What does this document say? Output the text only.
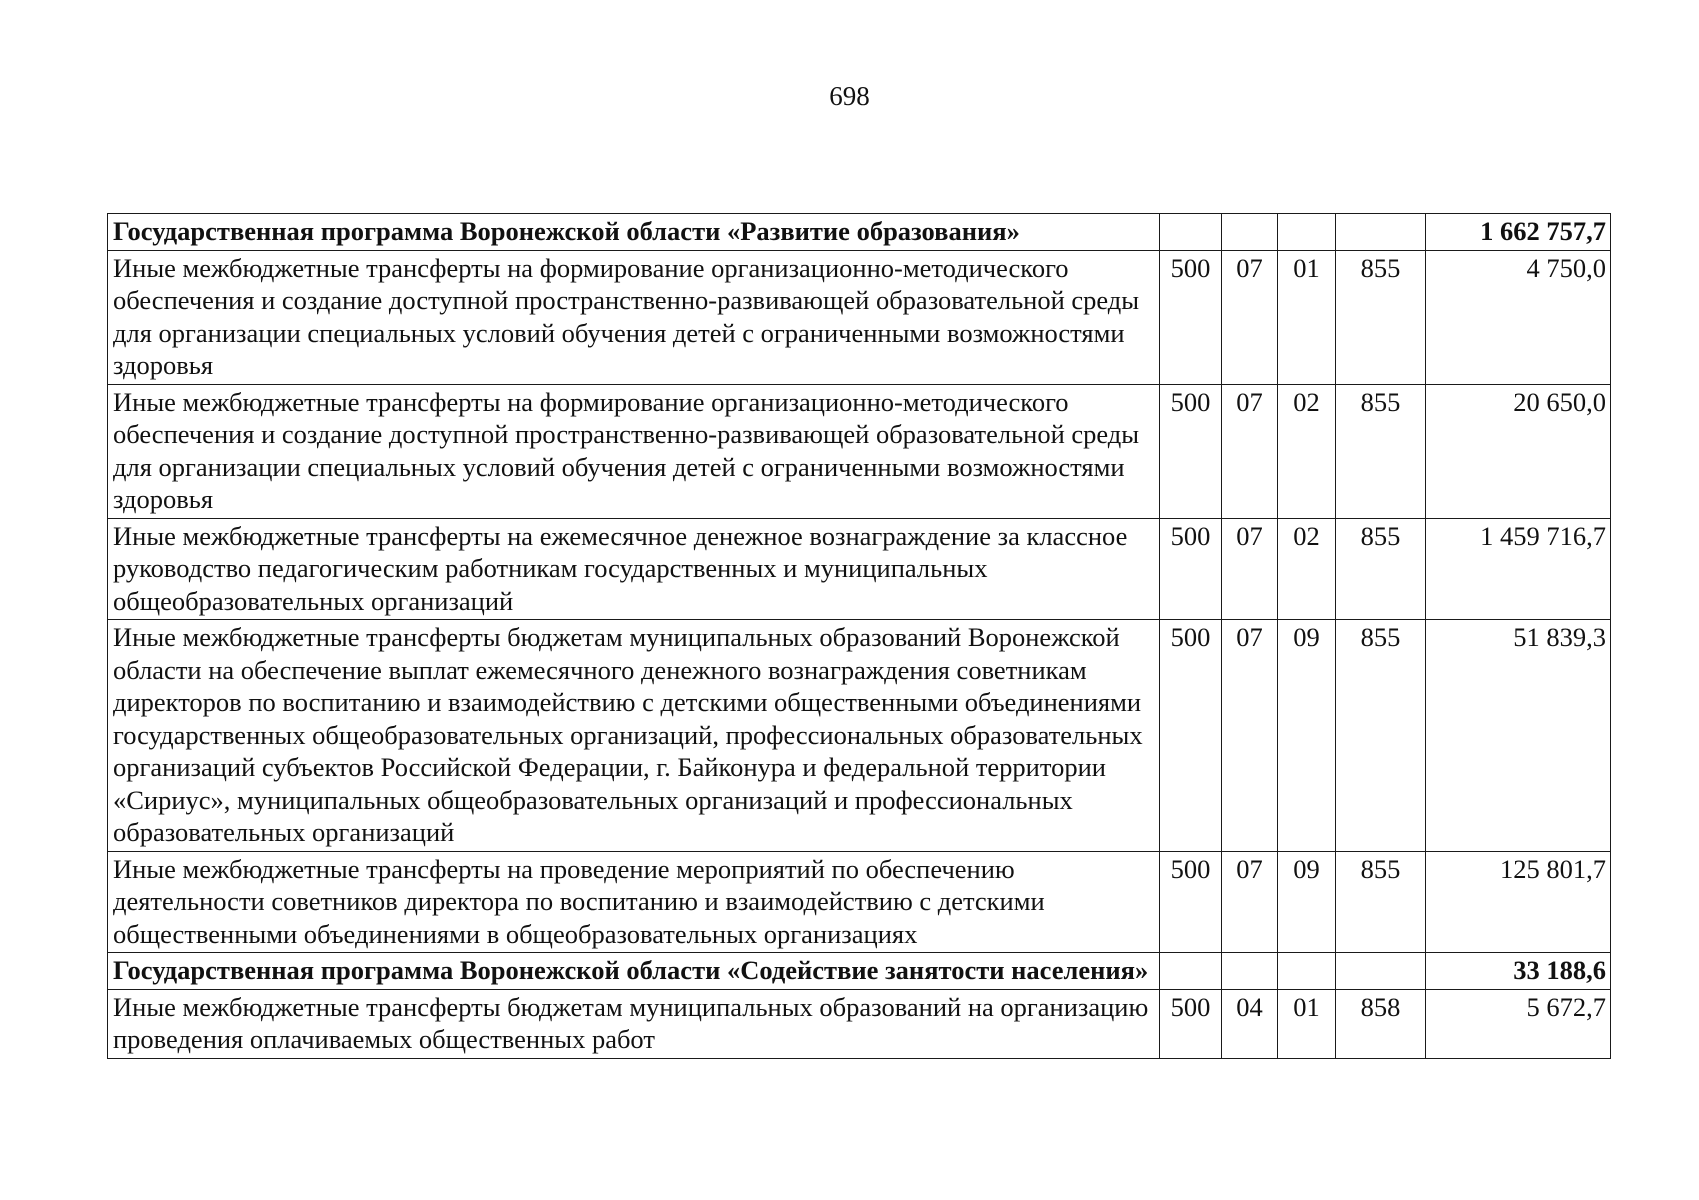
698
Государственная программа Воронежской области «Развитие образования»					1 662 757,7
Иные межбюджетные трансферты на формирование организационно-методического обеспечения и создание доступной пространственно-развивающей образовательной среды для организации специальных условий обучения детей с ограниченными возможностями здоровья	500	07	01	855	4 750,0
Иные межбюджетные трансферты на формирование организационно-методического обеспечения и создание доступной пространственно-развивающей образовательной среды для организации специальных условий обучения детей с ограниченными возможностями здоровья	500	07	02	855	20 650,0
Иные межбюджетные трансферты на ежемесячное денежное вознаграждение за классное руководство педагогическим работникам государственных и муниципальных общеобразовательных организаций	500	07	02	855	1 459 716,7
Иные межбюджетные трансферты бюджетам муниципальных образований Воронежской области на обеспечение выплат ежемесячного денежного вознаграждения советникам директоров по воспитанию и взаимодействию с детскими общественными объединениями государственных общеобразовательных организаций, профессиональных образовательных организаций субъектов Российской Федерации, г. Байконура и федеральной территории «Сириус», муниципальных общеобразовательных организаций и профессиональных образовательных организаций	500	07	09	855	51 839,3
Иные межбюджетные трансферты на проведение мероприятий по обеспечению деятельности советников директора по воспитанию и взаимодействию с детскими общественными объединениями в общеобразовательных организациях	500	07	09	855	125 801,7
Государственная программа Воронежской области «Содействие занятости населения»					33 188,6
Иные межбюджетные трансферты бюджетам муниципальных образований на организацию проведения оплачиваемых общественных работ	500	04	01	858	5 672,7
